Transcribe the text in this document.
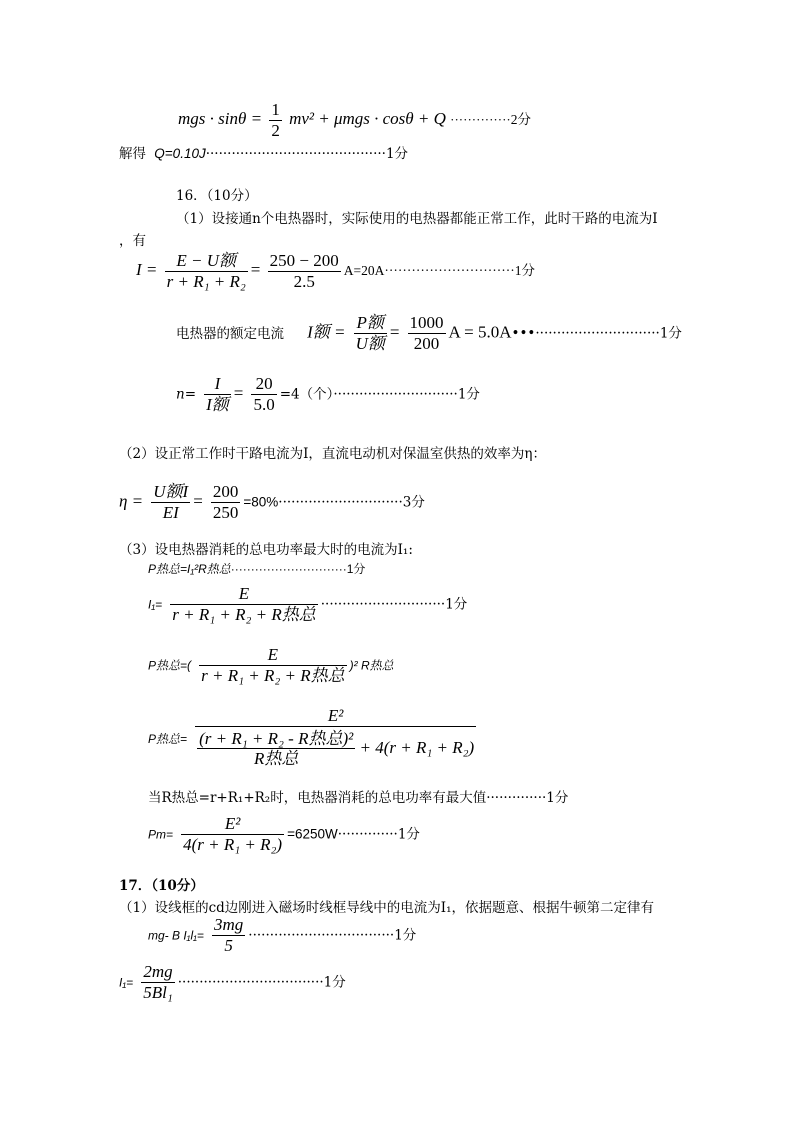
mgs · $\sin\theta = \frac{1}{2} mv^2 + \mu mgs \cdot \cos\theta + Q \cdot\cdot\cdot\cdot\cdot\cdot\cdot\cdot\cdot\cdot\cdot\cdot\cdot\cdot 2$分
解得 Q=0.10J··········································1分
16．（10分）
（1）设接通n个电热器时，实际使用的电热器都能正常工作，此时干路的电流为I
，有
$I = \frac{\text{E − U额}}{\text{r + R₁ + R₂}} = \frac{250 - 200}{2.5} A=20A\cdot\cdot\cdot\cdot\cdot\cdot\cdot\cdot\cdot\cdot\cdot\cdot\cdot\cdot\cdot\cdot\cdot\cdot\cdot\cdot\cdot\cdot\cdot\cdot\cdot\cdot\cdot\cdot\cdot 1$分
电热器的额定电流 I额 = $\frac{\text{P额}}{\text{U额}} = \frac{1000}{200}$ A = 5.0A•••·····························1分
$n= \frac{I}{\text{I额}} = \frac{20}{5.0} =4$（个）·····························1分
（2）设正常工作时干路电流为I，直流电动机对保温室供热的效率为η：
$\eta = \frac{\text{U额I}}{EI} = \frac{200}{250} =80\%\cdot\cdot\cdot\cdot\cdot\cdot\cdot\cdot\cdot\cdot\cdot\cdot\cdot\cdot\cdot\cdot\cdot\cdot\cdot\cdot\cdot\cdot\cdot\cdot\cdot\cdot\cdot\cdot\cdot 3$分
（3）设电热器消耗的总电功率最大时的电流为I₁:
P热总=I₁²R热总·····························1分
$I_1= \frac{E}{\text{r + R₁ + R₂ + R热总}} \cdot\cdot\cdot\cdot\cdot\cdot\cdot\cdot\cdot\cdot\cdot\cdot\cdot\cdot\cdot\cdot\cdot\cdot\cdot\cdot\cdot\cdot\cdot\cdot\cdot\cdot\cdot\cdot\cdot 1$分
P热总=( $\frac{E}{\text{r + R₁ + R₂ + R热总}} )^2$ R热总
P热总= $\frac{\text{E²}}{\frac{\text{(r + R₁ + R₂ - R热总)²}}{\text{R热总}} + 4(r + R_1 + R_2)}$
当R热总=r+R₁+R₂时，电热器消耗的总电功率有最大值··············1分
$Pm= \frac{\text{E²}}{\text{4(r + R₁ + R₂)}} =6250W\cdot\cdot\cdot\cdot\cdot\cdot\cdot\cdot\cdot\cdot\cdot\cdot\cdot\cdot 1$分
17．（10分）
（1）设线框的cd边刚进入磁场时线框导线中的电流为I₁，依据题意、根据牛顿第二定律有
mg- B $I_1l_1= \frac{3mg}{5} \cdot\cdot\cdot\cdot\cdot\cdot\cdot\cdot\cdot\cdot\cdot\cdot\cdot\cdot\cdot\cdot\cdot\cdot\cdot\cdot\cdot\cdot\cdot\cdot\cdot\cdot\cdot\cdot\cdot\cdot\cdot\cdot\cdot\cdot 1$分
$I_1= \frac{2mg}{\text{5Bl₁}} \cdot\cdot\cdot\cdot\cdot\cdot\cdot\cdot\cdot\cdot\cdot\cdot\cdot\cdot\cdot\cdot\cdot\cdot\cdot\cdot\cdot\cdot\cdot\cdot\cdot\cdot\cdot\cdot\cdot\cdot\cdot\cdot\cdot\cdot 1$分
